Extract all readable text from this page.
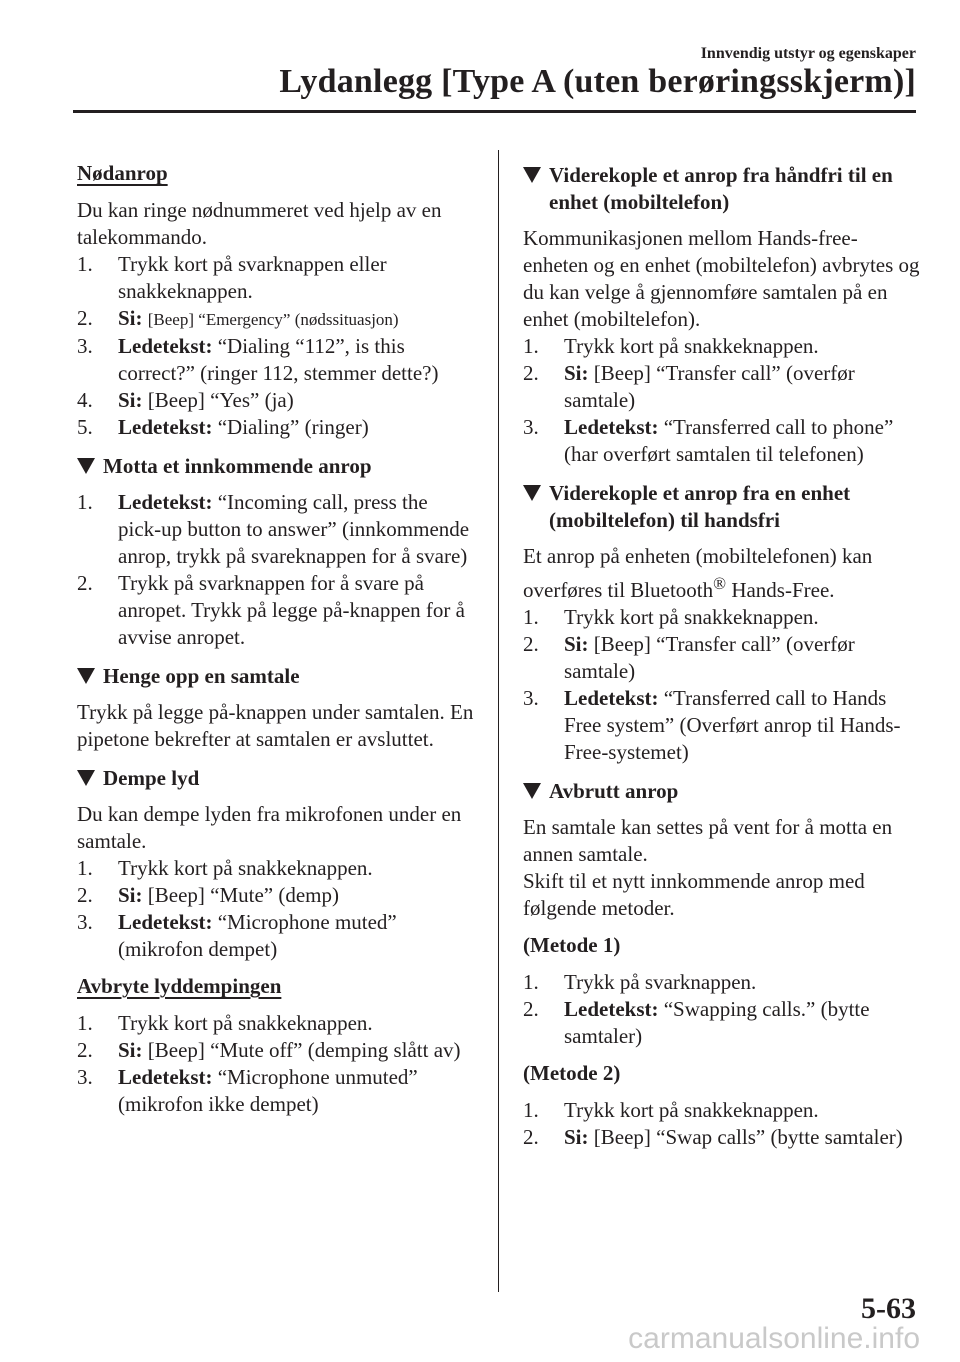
Innvendig utstyr og egenskaper
Lydanlegg [Type A (uten berøringsskjerm)]

Nødanrop

Du kan ringe nødnummeret ved hjelp av en talekommando.

1.	Trykk kort på svarknappen eller snakkeknappen.
2.	Si: [Beep] “Emergency” (nødssituasjon)
3.	Ledetekst: “Dialing “112”, is this correct?” (ringer 112, stemmer dette?)
4.	Si: [Beep] “Yes” (ja)
5.	Ledetekst: “Dialing” (ringer)
Motta et innkommende anrop
1.	Ledetekst: “Incoming call, press the pick-up button to answer” (innkommende anrop, trykk på svareknappen for å svare)
2.	Trykk på svarknappen for å svare på anropet. Trykk på legge på-knappen for å avvise anropet.
Henge opp en samtale

Trykk på legge på-knappen under samtalen. En pipetone bekrefter at samtalen er avsluttet.

Dempe lyd

Du kan dempe lyden fra mikrofonen under en samtale.

1.	Trykk kort på snakkeknappen.
2.	Si: [Beep] “Mute” (demp)
3.	Ledetekst: “Microphone muted” (mikrofon dempet)

Avbryte lyddempingen

1.	Trykk kort på snakkeknappen.
2.	Si: [Beep] “Mute off” (demping slått av)
3.	Ledetekst: “Microphone unmuted” (mikrofon ikke dempet)
Viderekople et anrop fra håndfri til en enhet (mobiltelefon)

Kommunikasjonen mellom Hands-free-enheten og en enhet (mobiltelefon) avbrytes og du kan velge å gjennomføre samtalen på en enhet (mobiltelefon).

1.	Trykk kort på snakkeknappen.
2.	Si: [Beep] “Transfer call” (overfør samtale)
3.	Ledetekst: “Transferred call to phone” (har overført samtalen til telefonen)
Viderekople et anrop fra en enhet (mobiltelefon) til handsfri

Et anrop på enheten (mobiltelefonen) kan overføres til Bluetooth® Hands-Free.

1.	Trykk kort på snakkeknappen.
2.	Si: [Beep] “Transfer call” (overfør samtale)
3.	Ledetekst: “Transferred call to Hands Free system” (Overført anrop til Hands-Free-systemet)
Avbrutt anrop

En samtale kan settes på vent for å motta en annen samtale.

Skift til et nytt innkommende anrop med følgende metoder.

(Metode 1)

1.	Trykk på svarknappen.
2.	Ledetekst: “Swapping calls.” (bytte samtaler)

(Metode 2)

1.	Trykk kort på snakkeknappen.
2.	Si: [Beep] “Swap calls” (bytte samtaler)
5-63
carmanualsonline.info
